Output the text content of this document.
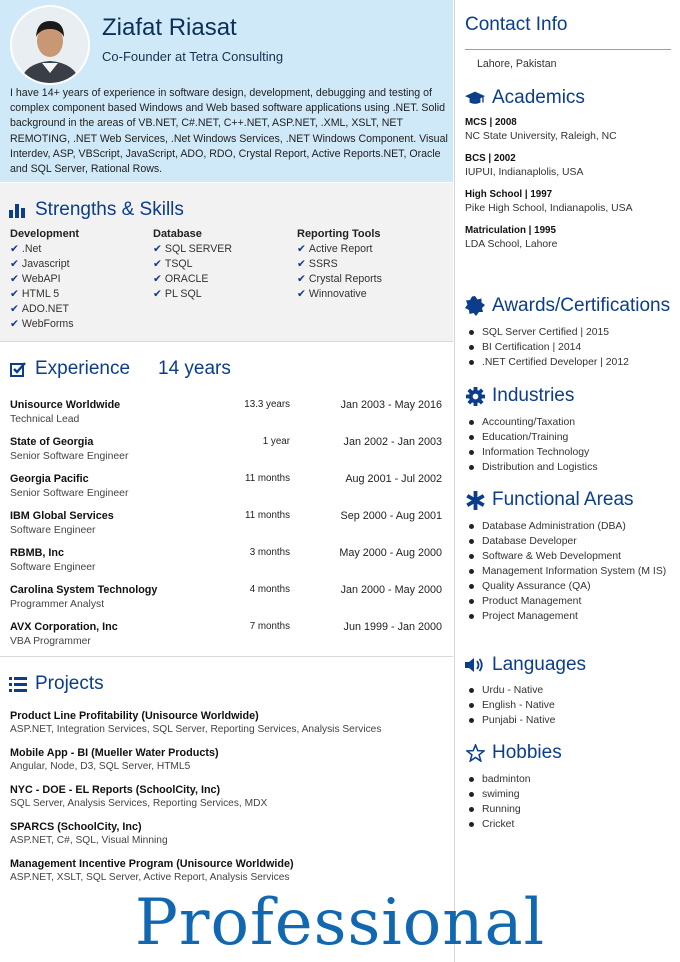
Ziafat Riasat
Co-Founder at Tetra Consulting
I have 14+ years of experience in software design, development, debugging and testing of complex component based Windows and Web based software applications using .NET. Solid background in the areas of VB.NET, C#.NET, C++.NET, ASP.NET, .XML, XSLT, NET REMOTING, .NET Web Services, .Net Windows Services, .NET Windows Component. Visual Interdev, ASP, VBScript, JavaScript, ADO, RDO, Crystal Report, Active Reports.NET, Oracle and SQL Server, Rational Rows.
Strengths & Skills
Development
✔ .Net
✔ Javascript
✔ WebAPI
✔ HTML 5
✔ ADO.NET
✔ WebForms
Database
✔ SQL SERVER
✔ TSQL
✔ ORACLE
✔ PL SQL
Reporting Tools
✔ Active Report
✔ SSRS
✔ Crystal Reports
✔ Winnovative
Experience 14 years
Unisource Worldwide
Technical Lead
13.3 years	Jan 2003 - May 2016
State of Georgia
Senior Software Engineer
1 year	Jan 2002 - Jan 2003
Georgia Pacific
Senior Software Engineer
11 months	Aug 2001 - Jul 2002
IBM Global Services
Software Engineer
11 months	Sep 2000 - Aug 2001
RBMB, Inc
Software Engineer
3 months	May 2000 - Aug 2000
Carolina System Technology
Programmer Analyst
4 months	Jan 2000 - May 2000
AVX Corporation, Inc
VBA Programmer
7 months	Jun 1999 - Jan 2000
Projects
Product Line Profitability (Unisource Worldwide)
ASP.NET, Integration Services, SQL Server, Reporting Services, Analysis Services
Mobile App - BI (Mueller Water Products)
Angular, Node, D3, SQL Server, HTML5
NYC - DOE - EL Reports (SchoolCity, Inc)
SQL Server, Analysis Services, Reporting Services, MDX
SPARCS (SchoolCity, Inc)
ASP.NET, C#, SQL, Visual Minning
Management Incentive Program (Unisource Worldwide)
ASP.NET, XSLT, SQL Server, Active Report, Analysis Services
Contact Info
Lahore, Pakistan
Academics
MCS | 2008
NC State University, Raleigh, NC
BCS | 2002
IUPUI, Indianaplolis, USA
High School | 1997
Pike High School, Indianapolis, USA
Matriculation | 1995
LDA School, Lahore
Awards/Certifications
SQL Server Certified | 2015
BI Certification | 2014
.NET Certified Developer | 2012
Industries
Accounting/Taxation
Education/Training
Information Technology
Distribution and Logistics
Functional Areas
Database Administration (DBA)
Database Developer
Software & Web Development
Management Information System (M IS)
Quality Assurance (QA)
Product Management
Project Management
Languages
Urdu - Native
English - Native
Punjabi - Native
Hobbies
badminton
swiming
Running
Cricket
Professional
